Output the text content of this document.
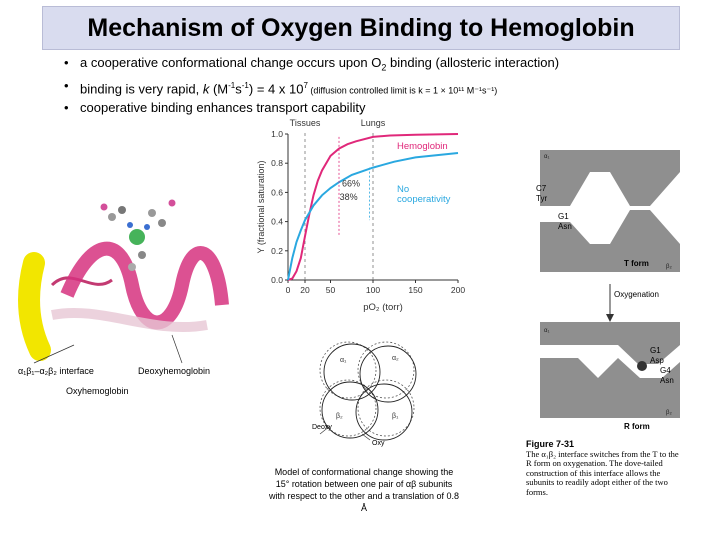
Mechanism of Oxygen Binding to Hemoglobin
• a cooperative conformational change occurs upon $O_2$ binding (allosteric interaction)
• binding is very rapid, k $(M^{-1}s^{-1}) = 4$ x $10^7$ (diffusion controlled limit is k = 1 × 10¹¹ M⁻¹s⁻¹)
• cooperative binding enhances transport capability
α₁β₁–α₂β₂ interface	Deoxyhemoglobin
Oxyhemoglobin
Tissues	Lungs
0 20 50	100	150	200
0.0
0.2
0.4
0.6
0.8
1.0
pO₂ (torr)
Y (fractional saturation)
Hemoglobin
No
cooperativity
66%
38%
α₁	α₂
β₂	β₁
Deoxy
Oxy
Model of conformational change showing the 15° rotation between one pair of αβ subunits with respect to the other and a translation of 0.8 Å
α₁
β₂
α₁
β₂
C7
Tyr
G1
Asn
T form
Oxygenation
G1
Asp
G4
Asn
R form
Figure 7-31
The α₁β₂ interface switches from the T to the R form on oxygenation. The dove-tailed construction of this interface allows the subunits to readily adopt either of the two forms.
